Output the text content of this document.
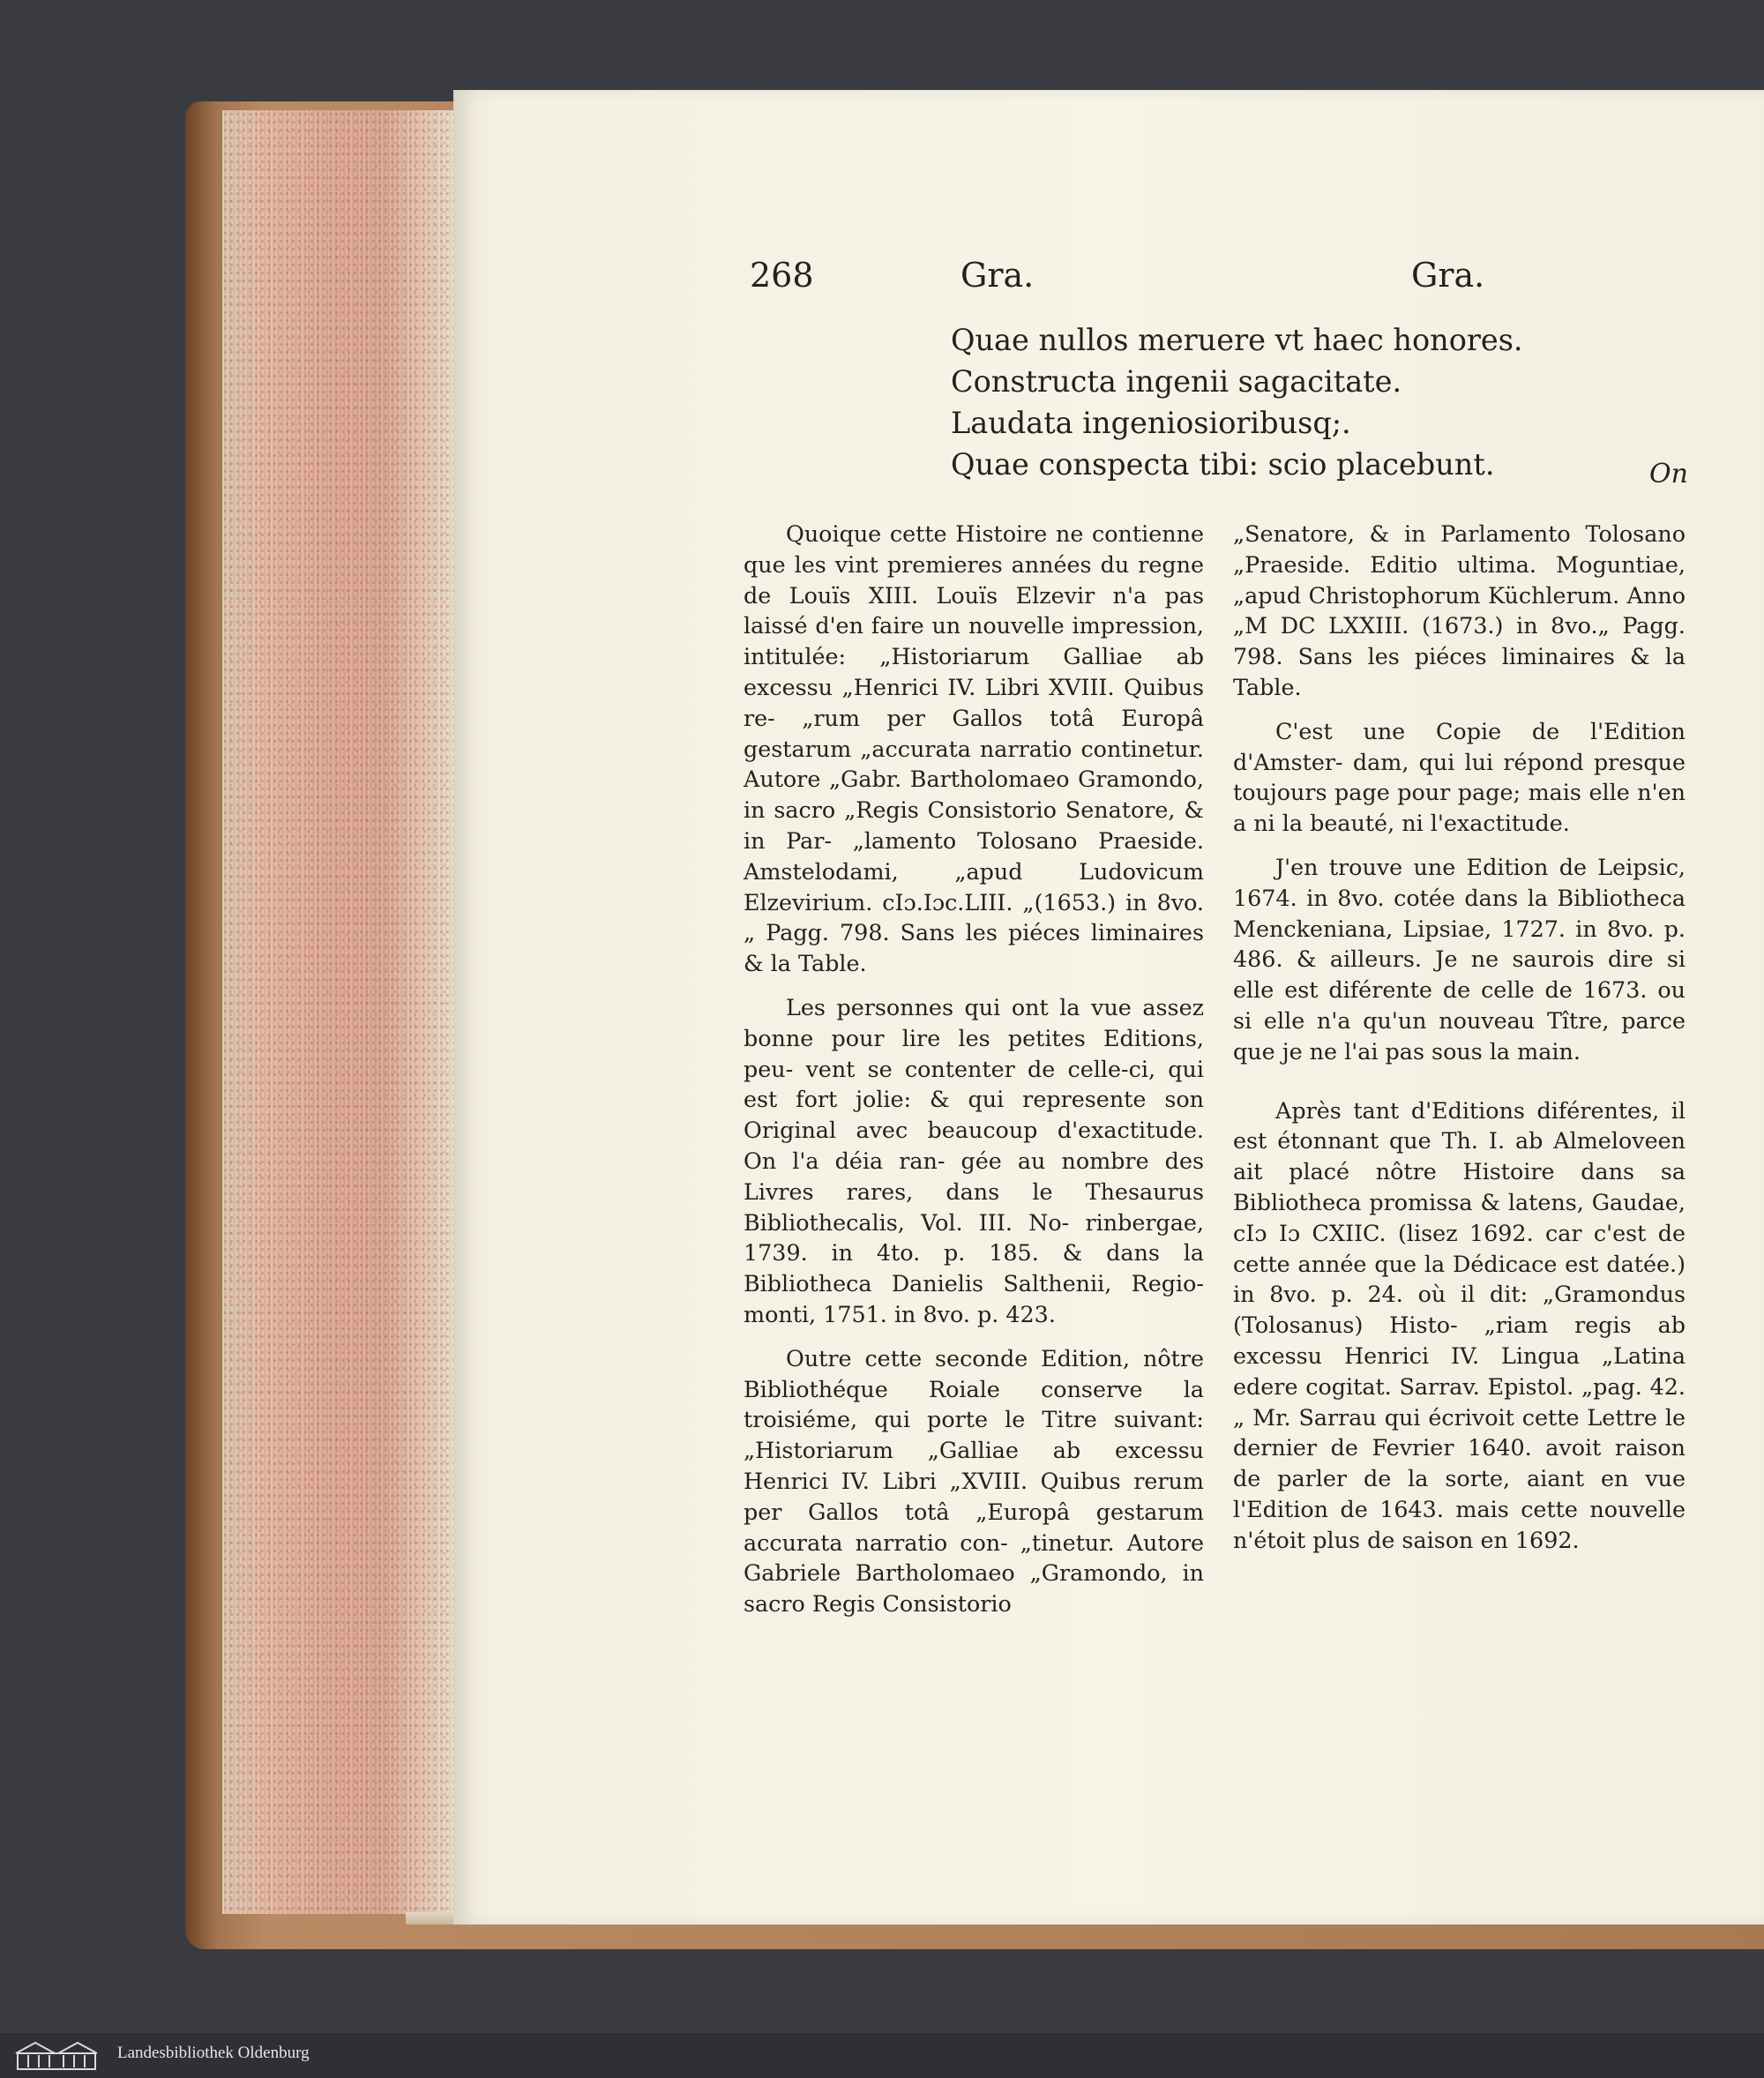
268	Gra.	Gra.
Quae nullos meruere vt haec honores.
Constructa ingenii sagacitate.
Laudata ingeniosioribusq;.
Quae conspecta tibi: scio placebunt.	On

Quoique cette Histoire ne contienne que les vint premieres années du regne de Louïs XIII. Louïs Elzevir n'a pas laissé d'en faire un nouvelle impression, intitulée: „Historiarum Galliae ab excessu „Henrici IV. Libri XVIII. Quibus re- „rum per Gallos totâ Europâ gestarum „accurata narratio continetur. Autore „Gabr. Bartholomaeo Gramondo, in sacro „Regis Consistorio Senatore, & in Par- „lamento Tolosano Praeside. Amstelodami, „apud Ludovicum Elzevirium. cIɔ.Iɔc.LIII. „(1653.) in 8vo. „ Pagg. 798. Sans les piéces liminaires & la Table.

Les personnes qui ont la vue assez bonne pour lire les petites Editions, peu- vent se contenter de celle-ci, qui est fort jolie: & qui represente son Original avec beaucoup d'exactitude. On l'a déia ran- gée au nombre des Livres rares, dans le Thesaurus Bibliothecalis, Vol. III. No- rinbergae, 1739. in 4to. p. 185. & dans la Bibliotheca Danielis Salthenii, Regio- monti, 1751. in 8vo. p. 423.

Outre cette seconde Edition, nôtre Bibliothéque Roiale conserve la troisiéme, qui porte le Titre suivant: „Historiarum „Galliae ab excessu Henrici IV. Libri „XVIII. Quibus rerum per Gallos totâ „Europâ gestarum accurata narratio con- „tinetur. Autore Gabriele Bartholomaeo „Gramondo, in sacro Regis Consistorio

„Senatore, & in Parlamento Tolosano „Praeside. Editio ultima. Moguntiae, „apud Christophorum Küchlerum. Anno „M DC LXXIII. (1673.) in 8vo.„ Pagg. 798. Sans les piéces liminaires & la Table.

C'est une Copie de l'Edition d'Amster- dam, qui lui répond presque toujours page pour page; mais elle n'en a ni la beauté, ni l'exactitude.

J'en trouve une Edition de Leipsic, 1674. in 8vo. cotée dans la Bibliotheca Menckeniana, Lipsiae, 1727. in 8vo. p. 486. & ailleurs. Je ne saurois dire si elle est diférente de celle de 1673. ou si elle n'a qu'un nouveau Tître, parce que je ne l'ai pas sous la main.

Après tant d'Editions diférentes, il est étonnant que Th. I. ab Almeloveen ait placé nôtre Histoire dans sa Bibliotheca promissa & latens, Gaudae, cIɔ Iɔ CXIIC. (lisez 1692. car c'est de cette année que la Dédicace est datée.) in 8vo. p. 24. où il dit: „Gramondus (Tolosanus) Histo- „riam regis ab excessu Henrici IV. Lingua „Latina edere cogitat. Sarrav. Epistol. „pag. 42.„ Mr. Sarrau qui écrivoit cette Lettre le dernier de Fevrier 1640. avoit raison de parler de la sorte, aiant en vue l'Edition de 1643. mais cette nouvelle n'étoit plus de saison en 1692.

Landesbibliothek Oldenburg
